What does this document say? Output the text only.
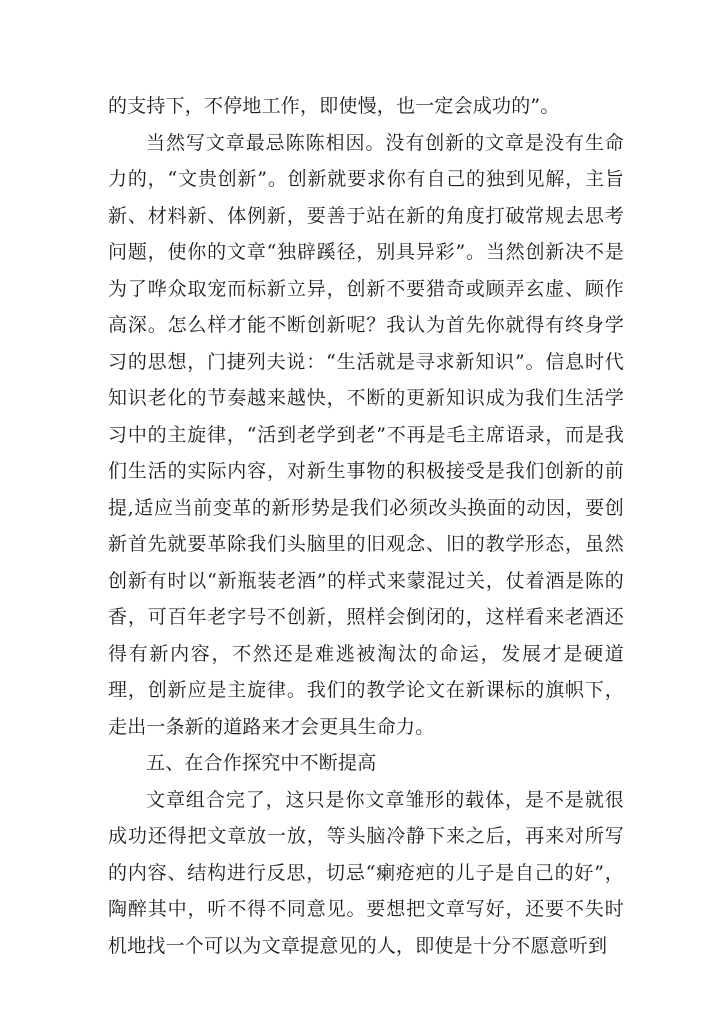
的支持下，不停地工作，即使慢，也一定会成功的”。

当然写文章最忌陈陈相因。没有创新的文章是没有生命力的，“文贵创新”。创新就要求你有自己的独到见解，主旨新、材料新、体例新，要善于站在新的角度打破常规去思考问题，使你的文章“独辟蹊径，别具异彩”。当然创新决不是为了哗众取宠而标新立异，创新不要猎奇或顾弄玄虚、顾作高深。怎么样才能不断创新呢？我认为首先你就得有终身学习的思想，门捷列夫说：“生活就是寻求新知识”。信息时代知识老化的节奏越来越快，不断的更新知识成为我们生活学习中的主旋律，“活到老学到老”不再是毛主席语录，而是我们生活的实际内容，对新生事物的积极接受是我们创新的前提,适应当前变革的新形势是我们必须改头换面的动因，要创新首先就要革除我们头脑里的旧观念、旧的教学形态，虽然创新有时以“新瓶装老酒”的样式来蒙混过关，仗着酒是陈的香，可百年老字号不创新，照样会倒闭的，这样看来老酒还得有新内容，不然还是难逃被淘汰的命运，发展才是硬道理，创新应是主旋律。我们的教学论文在新课标的旗帜下，走出一条新的道路来才会更具生命力。

五、在合作探究中不断提高

文章组合完了，这只是你文章雏形的载体，是不是就很成功还得把文章放一放，等头脑冷静下来之后，再来对所写的内容、结构进行反思，切忌“瘌疮疤的儿子是自己的好”，陶醉其中，听不得不同意见。要想把文章写好，还要不失时机地找一个可以为文章提意见的人，即使是十分不愿意听到
